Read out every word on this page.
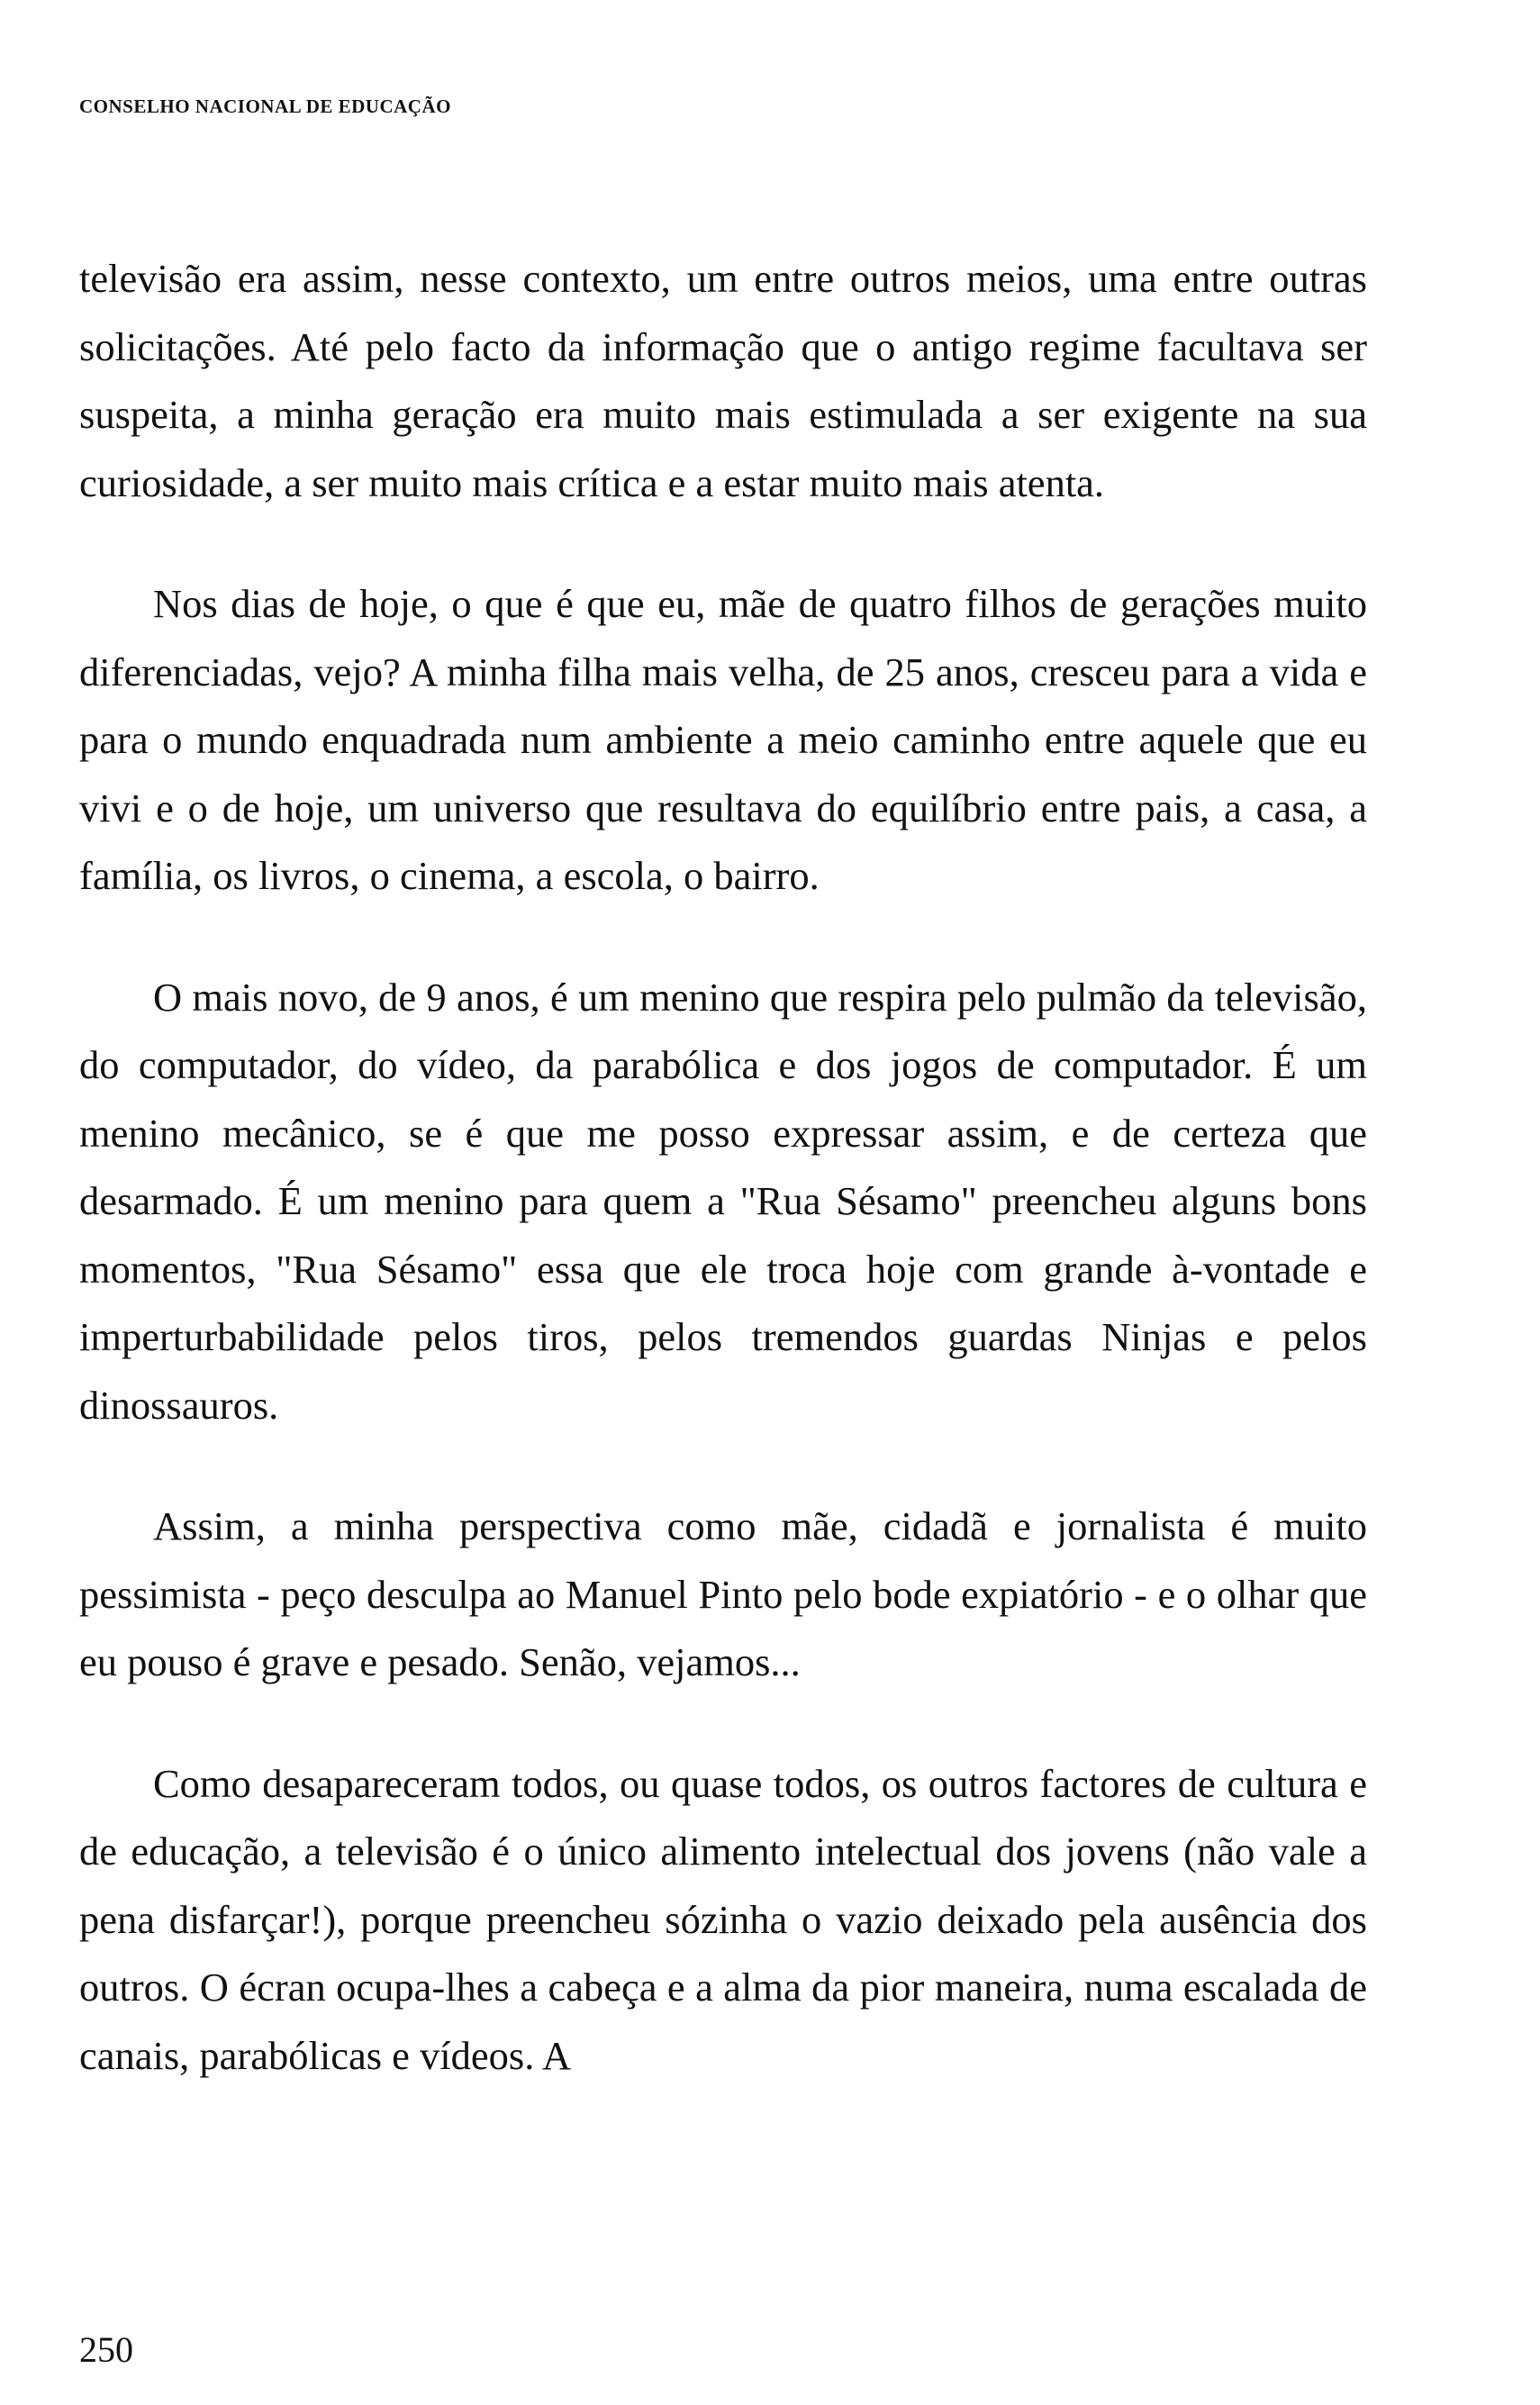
CONSELHO NACIONAL DE EDUCAÇÃO

televisão era assim, nesse contexto, um entre outros meios, uma entre outras solicitações. Até pelo facto da informação que o antigo regime facultava ser suspeita, a minha geração era muito mais estimulada a ser exigente na sua curiosidade, a ser muito mais crítica e a estar muito mais atenta.

Nos dias de hoje, o que é que eu, mãe de quatro filhos de gerações muito diferenciadas, vejo? A minha filha mais velha, de 25 anos, cresceu para a vida e para o mundo enquadrada num ambiente a meio caminho entre aquele que eu vivi e o de hoje, um universo que resultava do equilíbrio entre pais, a casa, a família, os livros, o cinema, a escola, o bairro.

O mais novo, de 9 anos, é um menino que respira pelo pulmão da televisão, do computador, do vídeo, da parabólica e dos jogos de computador. É um menino mecânico, se é que me posso expressar assim, e de certeza que desarmado. É um menino para quem a "Rua Sésamo" preencheu alguns bons momentos, "Rua Sésamo" essa que ele troca hoje com grande à-vontade e imperturbabilidade pelos tiros, pelos tremendos guardas Ninjas e pelos dinossauros.

Assim, a minha perspectiva como mãe, cidadã e jornalista é muito pessimista - peço desculpa ao Manuel Pinto pelo bode expiatório - e o olhar que eu pouso é grave e pesado. Senão, vejamos...

Como desapareceram todos, ou quase todos, os outros factores de cultura e de educação, a televisão é o único alimento intelectual dos jovens (não vale a pena disfarçar!), porque preencheu sózinha o vazio deixado pela ausência dos outros. O écran ocupa-lhes a cabeça e a alma da pior maneira, numa escalada de canais, parabólicas e vídeos. A

250
